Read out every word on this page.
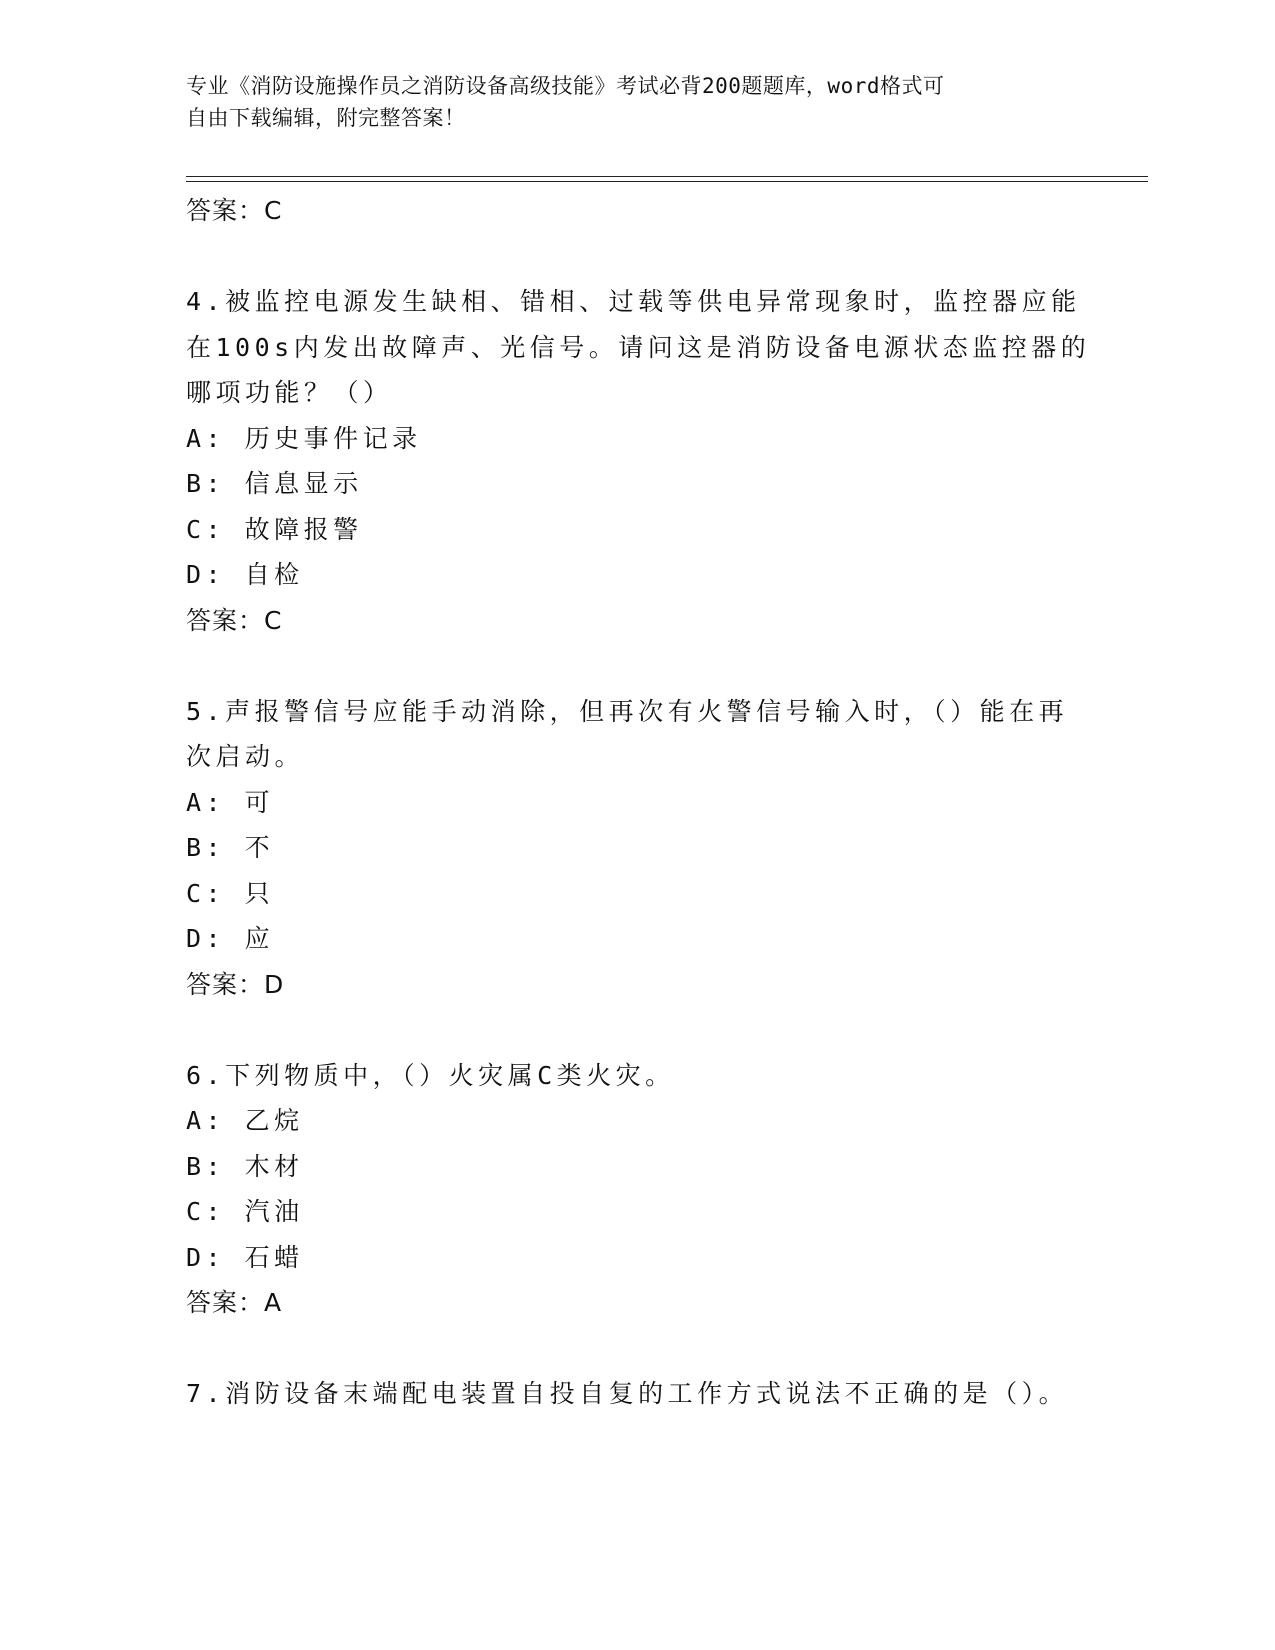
专业《消防设施操作员之消防设备高级技能》考试必背200题题库，word格式可
自由下载编辑，附完整答案！
答案：C
4.被监控电源发生缺相、错相、过载等供电异常现象时，监控器应能
在100s内发出故障声、光信号。请问这是消防设备电源状态监控器的
哪项功能？（）
A: 历史事件记录
B: 信息显示
C: 故障报警
D: 自检
答案：C
5.声报警信号应能手动消除，但再次有火警信号输入时，（）能在再
次启动。
A: 可
B: 不
C: 只
D: 应
答案：D
6.下列物质中，（）火灾属C类火灾。
A: 乙烷
B: 木材
C: 汽油
D: 石蜡
答案：A
7.消防设备末端配电装置自投自复的工作方式说法不正确的是（）。
